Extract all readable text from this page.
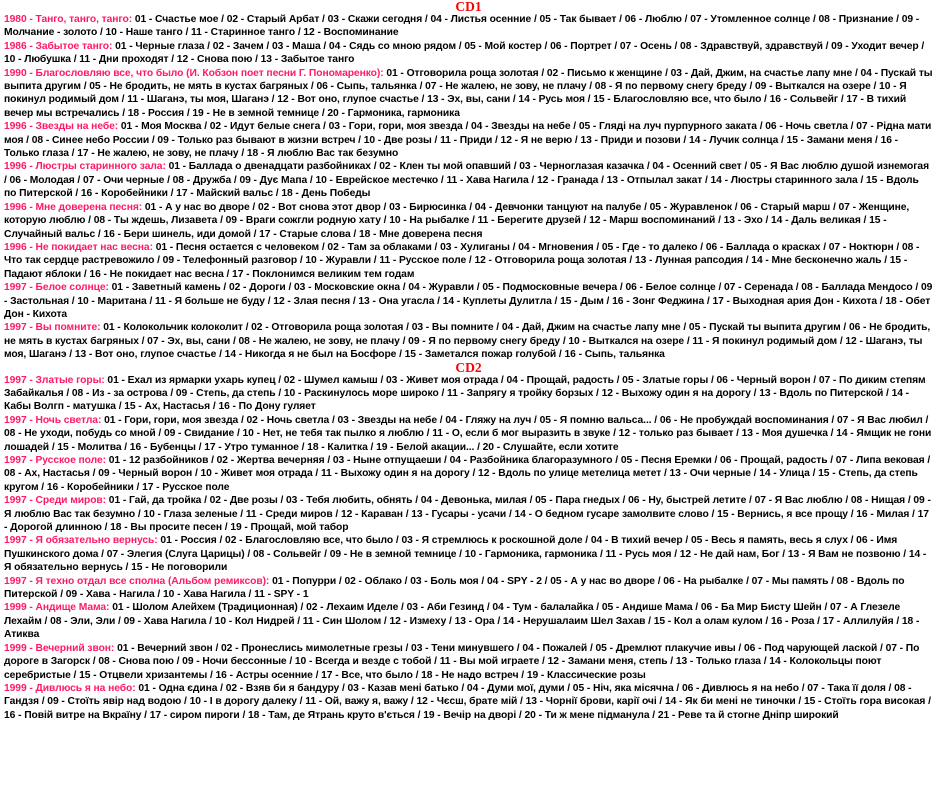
CD1

1980 - Танго, танго, танго: 01 - Счастье мое / 02 - Старый Арбат / 03 - Скажи сегодня / 04 - Листья осенние / 05 - Так бывает / 06 - Люблю / 07 - Утомленное солнце / 08 - Признание / 09 - Молчание - золото / 10 - Наше танго / 11 - Старинное танго / 12 - Воспоминание

1986 - Забытое танго: 01 - Черные глаза / 02 - Зачем / 03 - Маша / 04 - Сядь со мною рядом / 05 - Мой костер / 06 - Портрет / 07 - Осень / 08 - Здравствуй, здравствуй / 09 - Уходит вечер / 10 - Любушка / 11 - Дни проходят / 12 - Снова пою / 13 - Забытое танго

1990 - Благословляю все, что было (И. Кобзон поет песни Г. Пономаренко): 01 - Отговорила роща золотая / 02 - Письмо к женщине / 03 - Дай, Джим, на счастье лапу мне / 04 - Пускай ты выпита другим / 05 - Не бродить, не мять в кустах багряных / 06 - Сыпь, тальянка / 07 - Не жалею, не зову, не плачу / 08 - Я по первому снегу бреду / 09 - Выткался на озере / 10 - Я покинул родимый дом / 11 - Шаганэ, ты моя, Шаганэ / 12 - Вот оно, глупое счастье / 13 - Эх, вы, сани / 14 - Русь моя / 15 - Благословляю все, что было / 16 - Сольвейг / 17 - В тихий вечер мы встречались / 18 - Россия / 19 - Не в земной темнице / 20 - Гармоника, гармоника

1996 - Звезды на небе: 01 - Моя Москва / 02 - Идут белые снега / 03 - Гори, гори, моя звезда / 04 - Звезды на небе / 05 - Гляді на луч пурпурного заката / 06 - Ночь светла / 07 - Рідна мати моя / 08 - Синее небо России / 09 - Только раз бывают в жизни встреч / 10 - Две розы / 11 - Приди / 12 - Я не верю / 13 - Приди и позови / 14 - Лучик солнца / 15 - Замани меня / 16 - Только глаза / 17 - Не жалею, не зову, не плачу / 18 - Я люблю Вас так безумно

1996 - Люстры старинного зала: 01 - Баллада о двенадцати разбойниках / 02 - Клен ты мой опавший / 03 - Черноглазая казачка / 04 - Осенний свет / 05 - Я Вас люблю душой изнемогая / 06 - Молодая / 07 - Очи черные / 08 - Дружба / 09 - Дує Мапа / 10 - Еврейское местечко / 11 - Хава Нагила / 12 - Гранада / 13 - Отпылал закат / 14 - Люстры старинного зала / 15 - Вдоль по Питерской / 16 - Коробейники / 17 - Майский вальс / 18 - День Победы

1996 - Мне доверена песня: 01 - А у нас во дворе / 02 - Вот снова этот двор / 03 - Бирюсинка / 04 - Девчонки танцуют на палубе / 05 - Журавленок / 06 - Старый марш / 07 - Женщине, которую люблю / 08 - Ты ждешь, Лизавета / 09 - Враги сожгли родную хату / 10 - На рыбалке / 11 - Берегите друзей / 12 - Марш воспоминаний / 13 - Эхо / 14 - Даль великая / 15 - Случайный вальс / 16 - Бери шинель, иди домой / 17 - Старые слова / 18 - Мне доверена песня

1996 - Не покидает нас весна: 01 - Песня остается с человеком / 02 - Там за облаками / 03 - Хулиганы / 04 - Мгновения / 05 - Где - то далеко / 06 - Баллада о красках / 07 - Ноктюрн / 08 - Что так сердце растревожило / 09 - Телефонный разговор / 10 - Журавли / 11 - Русское поле / 12 - Отговорила роща золотая / 13 - Лунная рапсодия / 14 - Мне бесконечно жаль / 15 - Падают яблоки / 16 - Не покидает нас весна / 17 - Поклонимся великим тем годам

1997 - Белое солнце: 01 - Заветный камень / 02 - Дороги / 03 - Московские окна / 04 - Журавли / 05 - Подмосковные вечера / 06 - Белое солнце / 07 - Серенада / 08 - Баллада Мендосо / 09 - Застольная / 10 - Маритана / 11 - Я больше не буду / 12 - Злая песня / 13 - Она угасла / 14 - Куплеты Дулитла / 15 - Дым / 16 - Зонг Феджина / 17 - Выходная ария Дон - Кихота / 18 - Обет Дон - Кихота

1997 - Вы помните: 01 - Колокольчик колоколит / 02 - Отговорила роща золотая / 03 - Вы помните / 04 - Дай, Джим на счастье лапу мне / 05 - Пускай ты выпита другим / 06 - Не бродить, не мять в кустах багряных / 07 - Эх, вы, сани / 08 - Не жалею, не зову, не плачу / 09 - Я по первому снегу бреду / 10 - Выткался на озере / 11 - Я покинул родимый дом / 12 - Шаганэ, ты моя, Шаганэ / 13 - Вот оно, глупое счастье / 14 - Никогда я не был на Босфоре / 15 - Заметался пожар голубой / 16 - Сыпь, тальянка

CD2

1997 - Златые горы: 01 - Ехал из ярмарки ухарь купец / 02 - Шумел камыш / 03 - Живет моя отрада / 04 - Прощай, радость / 05 - Златые горы / 06 - Черный ворон / 07 - По диким степям Забайкалья / 08 - Из - за острова / 09 - Степь, да степь / 10 - Раскинулось море широко / 11 - Запрягу я тройку борзых / 12 - Выхожу один я на дорогу / 13 - Вдоль по Питерской / 14 - Кабы Волгп - матушка / 15 - Ах, Настасья / 16 - По Дону гуляет

1997 - Ночь светла: 01 - Гори, гори, моя звезда / 02 - Ночь светла / 03 - Звезды на небе / 04 - Гляжу на луч / 05 - Я помню вальса... / 06 - Не пробуждай воспоминания / 07 - Я Вас любил / 08 - Не уходи, побудь со мной / 09 - Свидание / 10 - Нет, не тебя так пылко я люблю / 11 - О, если б мог выразить в звуке / 12 - только раз бывает / 13 - Моя душечка / 14 - Ямщик не гони лошадей / 15 - Молитва / 16 - Бубенцы / 17 - Утро туманное / 18 - Калитка / 19 - Белой акации... / 20 - Слушайте, если хотите

1997 - Русское поле: 01 - 12 разбойников / 02 - Жертва вечерняя / 03 - Ныне отпущаеши / 04 - Разбойника благоразумного / 05 - Песня Еремки / 06 - Прощай, радость / 07 - Липа вековая / 08 - Ах, Настасья / 09 - Черный ворон / 10 - Живет моя отрада / 11 - Выхожу один я на дорогу / 12 - Вдоль по улице метелица метет / 13 - Очи черные / 14 - Улица / 15 - Степь, да степь кругом / 16 - Коробейники / 17 - Русское поле

1997 - Среди миров: 01 - Гай, да тройка / 02 - Две розы / 03 - Тебя любить, обнять / 04 - Девонька, милая / 05 - Пара гнедых / 06 - Ну, быстрей летите / 07 - Я Вас люблю / 08 - Нищая / 09 - Я люблю Вас так безумно / 10 - Глаза зеленые / 11 - Среди миров / 12 - Караван / 13 - Гусары - усачи / 14 - О бедном гусаре замолвите слово / 15 - Вернись, я все прощу / 16 - Милая / 17 - Дорогой длинною / 18 - Вы просите песен / 19 - Прощай, мой табор

1997 - Я обязательно вернусь: 01 - Россия / 02 - Благословляю все, что было / 03 - Я стремлюсь к роскошной доле / 04 - В тихий вечер / 05 - Весь я память, весь я слух / 06 - Имя Пушкинского дома / 07 - Элегия (Слуга Царицы) / 08 - Сольвейг / 09 - Не в земной темнице / 10 - Гармоника, гармоника / 11 - Русь моя / 12 - Не дай нам, Бог / 13 - Я Вам не позвоню / 14 - Я обязательно вернусь / 15 - Не поговорили

1997 - Я тeхно отдал все сполна (Альбом ремиксов): 01 - Попурри / 02 - Облако / 03 - Боль моя / 04 - SPY - 2 / 05 - А у нас во дворе / 06 - На рыбалке / 07 - Мы память / 08 - Вдоль по Питерской / 09 - Хава - Нагила / 10 - Хава Нагила / 11 - SPY - 1

1999 - Андище Мама: 01 - Шолом Алейхем (Традиционная) / 02 - Лехаим Иделе / 03 - Аби Гезинд / 04 - Тум - балалайка / 05 - Андише Мама / 06 - Ба Мир Бисту Шейн / 07 - А Глезеле Лехайм / 08 - Эли, Эли / 09 - Хава Нагила / 10 - Кол Нидрей / 11 - Син Шолом / 12 - Измеху / 13 - Ора / 14 - Нерушалаим Шел Захав / 15 - Кол а олам кулом / 16 - Роза / 17 - Аллилуйя / 18 - Атиква

1999 - Вечерний звон: 01 - Вечерний звон / 02 - Пронеслись мимолетные грезы / 03 - Тени минувшего / 04 - Пожалей / 05 - Дремлют плакучие ивы / 06 - Под чарующей лаской / 07 - По дороге в Загорск / 08 - Снова пою / 09 - Ночи бессонные / 10 - Всегда и везде с тобой / 11 - Вы мой играете / 12 - Замани меня, степь / 13 - Только глаза / 14 - Колокольцы поют серебристые / 15 - Отцвели хризантемы / 16 - Астры осенние / 17 - Все, что было / 18 - Не надо встреч / 19 - Классические розы

1999 - Дивлюсь я на небо: 01 - Одна єдина / 02 - Взяв би я бандуру / 03 - Казав мені батько / 04 - Думи мої, думи / 05 - Ніч, яка місячна / 06 - Дивлюсь я на небо / 07 - Така її доля / 08 - Гандзя / 09 - Стоїть явір над водою / 10 - І в дорогу далеку / 11 - Ой, важу я, важу / 12 - Чєсш, брате мій / 13 - Чорнії брови, карії очі / 14 - Як би мені не тиночки / 15 - Стоїть гора високая / 16 - Повій витре на Вкраїну / 17 - сиром пироги / 18 - Там, де Ятрань круто в'ється / 19 - Вечір на дворі / 20 - Ти ж мене підманула / 21 - Реве та й стогне Дніпр широкий
